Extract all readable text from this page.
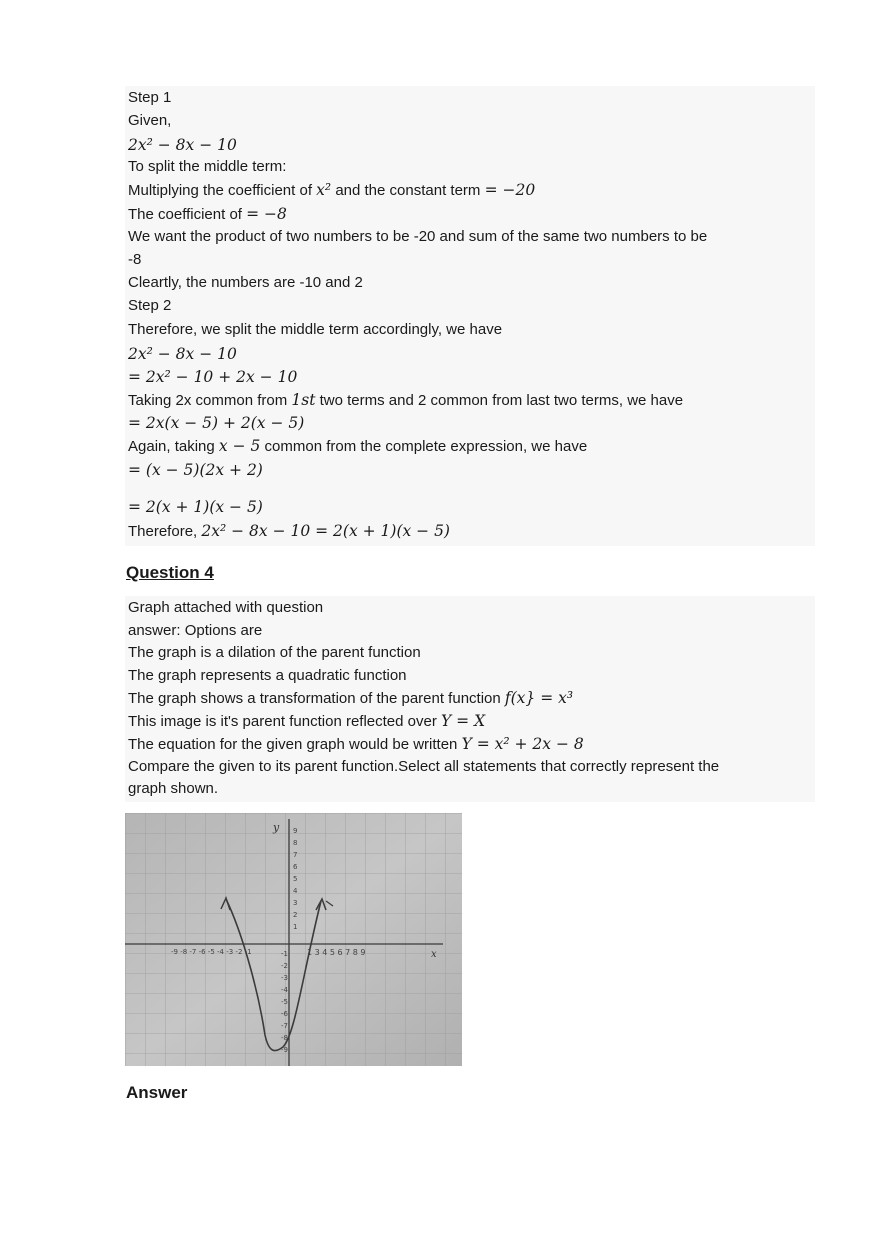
Step 1
Given,
2x² − 8x − 10
To split the middle term:
Multiplying the coefficient of x² and the constant term = −20
The coefficient of = −8
We want the product of two numbers to be -20 and sum of the same two numbers to be
-8
Cleartly, the numbers are -10 and 2
Step 2
Therefore, we split the middle term accordingly, we have
2x² − 8x − 10
= 2x² − 10 + 2x − 10
Taking 2x common from 1st two terms and 2 common from last two terms, we have
= 2x(x − 5) + 2(x − 5)
Again, taking x − 5 common from the complete expression, we have
= (x − 5)(2x + 2)
= 2(x + 1)(x − 5)
Therefore, 2x² − 8x − 10 = 2(x + 1)(x − 5)
Question 4
Graph attached with question
answer: Options are
The graph is a dilation of the parent function
The graph represents a quadratic function
The graph shows a transformation of the parent function f(x} = x³
This image is it's parent function reflected over Y = X
The equation for the given graph would be written Y = x² + 2x − 8
Compare the given to its parent function.Select all statements that correctly represent the
graph shown.
y
x
-9 -8 -7 -6 -5 -4 -3 -2 -1	1 3 4 5 6 7 8 9
9
8
7
6
5
4
3
2
1
-1
-2
-3
-4
-5
-6
-7
-8
-9
Answer
